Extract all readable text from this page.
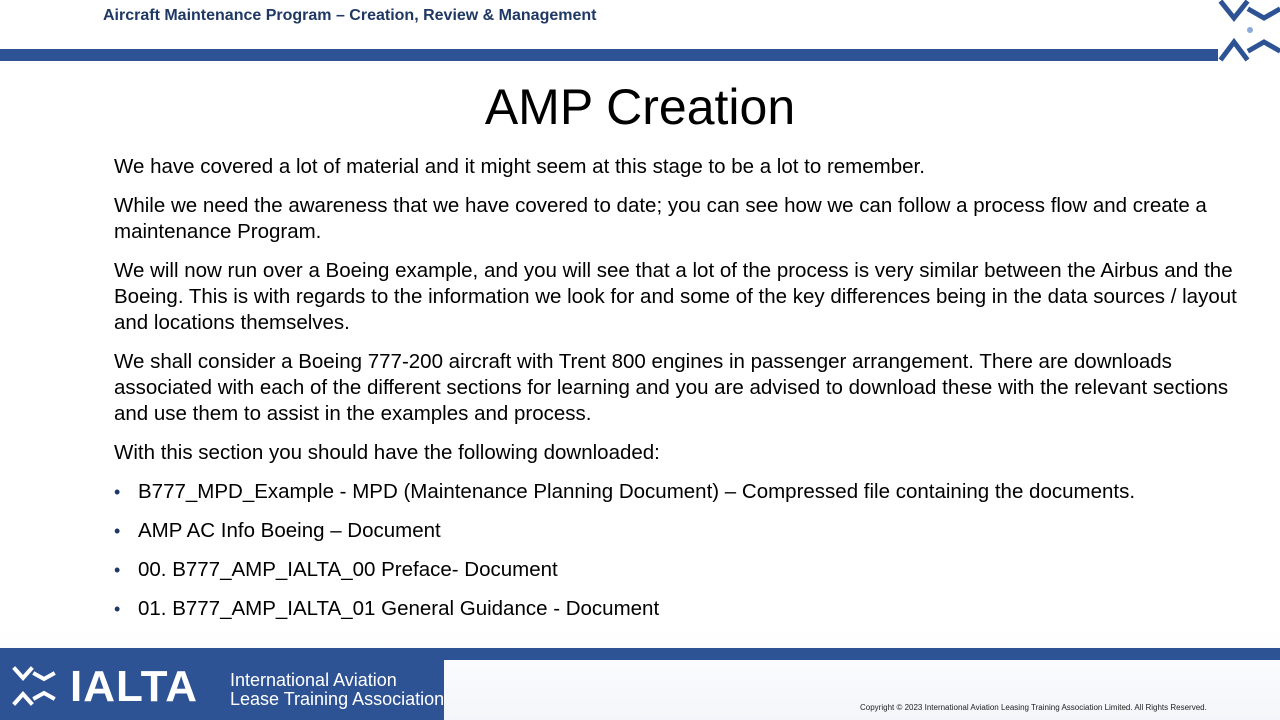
Aircraft Maintenance Program – Creation, Review & Management
AMP Creation

We have covered a lot of material and it might seem at this stage to be a lot to remember.

While we need the awareness that we have covered to date; you can see how we can follow a process flow and create a maintenance Program.

We will now run over a Boeing example, and you will see that a lot of the process is very similar between the Airbus and the Boeing. This is with regards to the information we look for and some of the key differences being in the data sources / layout and locations themselves.

We shall consider a Boeing 777-200 aircraft with Trent 800 engines in passenger arrangement. There are downloads associated with each of the different sections for learning and you are advised to download these with the relevant sections and use them to assist in the examples and process.

With this section you should have the following downloaded:

• B777_MPD_Example - MPD (Maintenance Planning Document) – Compressed file containing the documents.
• AMP AC Info Boeing – Document
• 00. B777_AMP_IALTA_00 Preface- Document
• 01. B777_AMP_IALTA_01 General Guidance - Document
IALTA International Aviation
Lease Training Association	Copyright © 2023 International Aviation Leasing Training Association Limited. All Rights Reserved.
